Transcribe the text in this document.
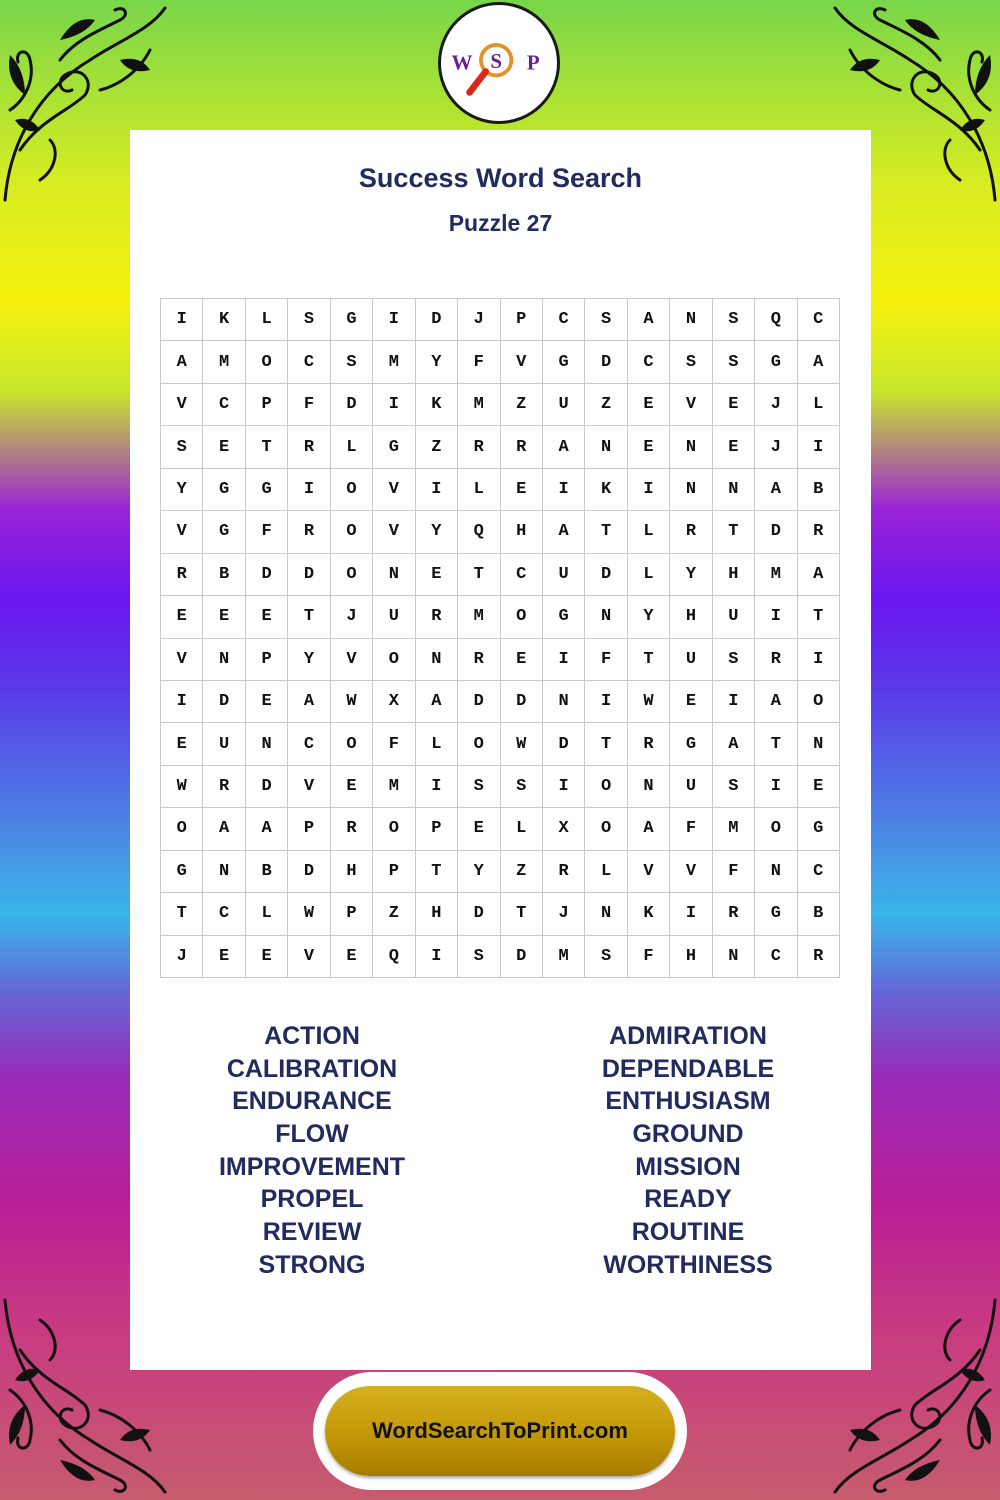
W S P
Success Word Search
Puzzle 27
I	K	L	S	G	I	D	J	P	C	S	A	N	S	Q	C
A	M	O	C	S	M	Y	F	V	G	D	C	S	S	G	A
V	C	P	F	D	I	K	M	Z	U	Z	E	V	E	J	L
S	E	T	R	L	G	Z	R	R	A	N	E	N	E	J	I
Y	G	G	I	O	V	I	L	E	I	K	I	N	N	A	B
V	G	F	R	O	V	Y	Q	H	A	T	L	R	T	D	R
R	B	D	D	O	N	E	T	C	U	D	L	Y	H	M	A
E	E	E	T	J	U	R	M	O	G	N	Y	H	U	I	T
V	N	P	Y	V	O	N	R	E	I	F	T	U	S	R	I
I	D	E	A	W	X	A	D	D	N	I	W	E	I	A	O
E	U	N	C	O	F	L	O	W	D	T	R	G	A	T	N
W	R	D	V	E	M	I	S	S	I	O	N	U	S	I	E
O	A	A	P	R	O	P	E	L	X	O	A	F	M	O	G
G	N	B	D	H	P	T	Y	Z	R	L	V	V	F	N	C
T	C	L	W	P	Z	H	D	T	J	N	K	I	R	G	B
J	E	E	V	E	Q	I	S	D	M	S	F	H	N	C	R
ACTION
CALIBRATION
ENDURANCE
FLOW
IMPROVEMENT
PROPEL
REVIEW
STRONG
ADMIRATION
DEPENDABLE
ENTHUSIASM
GROUND
MISSION
READY
ROUTINE
WORTHINESS
WordSearchToPrint.com
